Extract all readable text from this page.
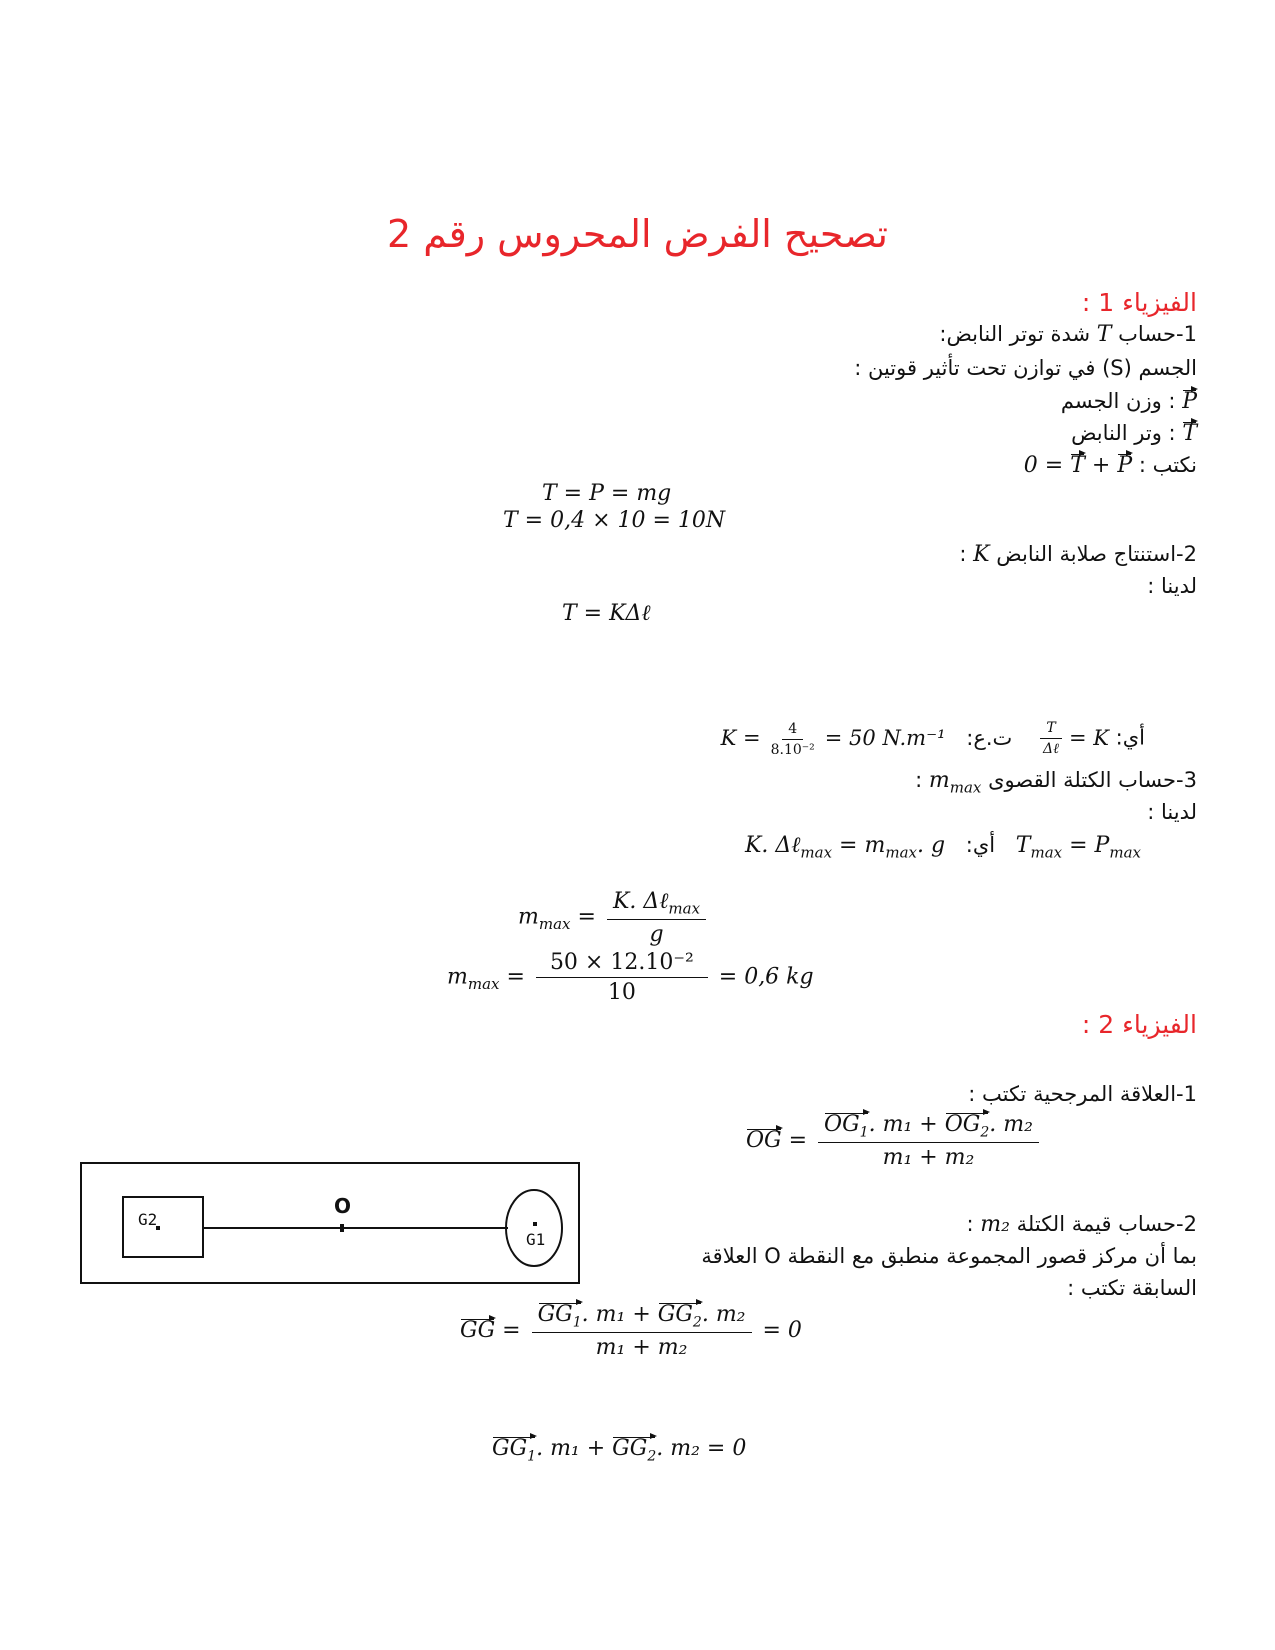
تصحيح الفرض المحروس رقم 2
الفيزياء 1 :
1-حساب T شدة توتر النابض:
الجسم (S) في توازن تحت تأثير قوتين :
P : وزن الجسم
T : وتر النابض
نكتب : P + T = 0
T = P = mg
T = 0,4 × 10 = 10N
2-استنتاج صلابة النابض K :
لدينا :
T = KΔℓ
أي: K =
$\frac{T}{\text{Δℓ}}$
ت.ع: $K = \frac{4}{\text{8.10⁻²}} = 50$ N.m⁻¹
3-حساب الكتلة القصوى $m_{max}$ :
لدينا :
$T_{max} = P_{max}$ أي: K. Δℓ$_{max}$ = $m_{max}$. g
$m_{max} = \frac{K. \Delta\ell_{max}}{g}$
$m_{max} = \frac{\text{50 × 12.10⁻²}}{10} = 0,6$ kg
الفيزياء 2 :
1-العلاقة المرجحية تكتب :
OG = $\frac{OG_1. m_1 + OG_2. m_2}{\text{m₁ + m₂}}$
G2
O
G1
2-حساب قيمة الكتلة m₂ :
بما أن مركز قصور المجموعة منطبق مع النقطة O العلاقة
السابقة تكتب :
GG = $\frac{GG_1. m_1 + GG_2. m_2}{\text{m₁ + m₂}} = 0$
$GG_1$. $m_1 + GG_2$. m₂ = 0
